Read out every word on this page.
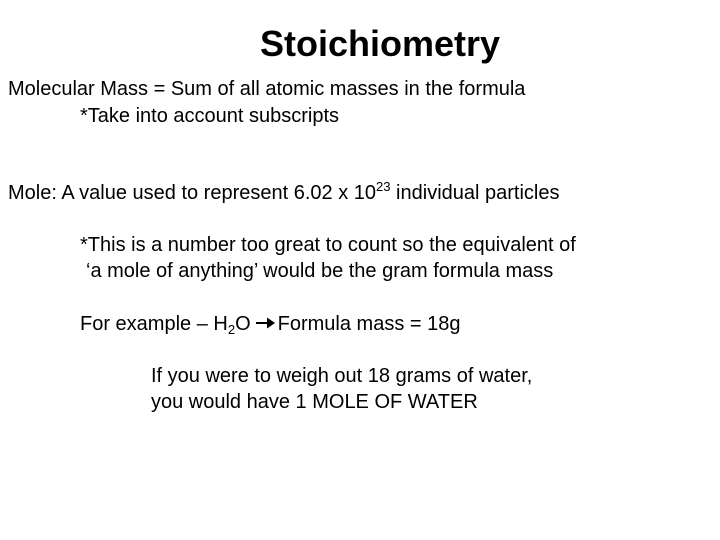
Stoichiometry
Molecular Mass = Sum of all atomic masses in the formula
*Take into account subscripts
Mole: A value used to represent 6.02 x $10^{23}$ individual particles
*This is a number too great to count so the equivalent of
‘a mole of anything’ would be the gram formula mass
For example – $H_2O$ Formula mass = 18g
If you were to weigh out 18 grams of water,
you would have 1 MOLE OF WATER
